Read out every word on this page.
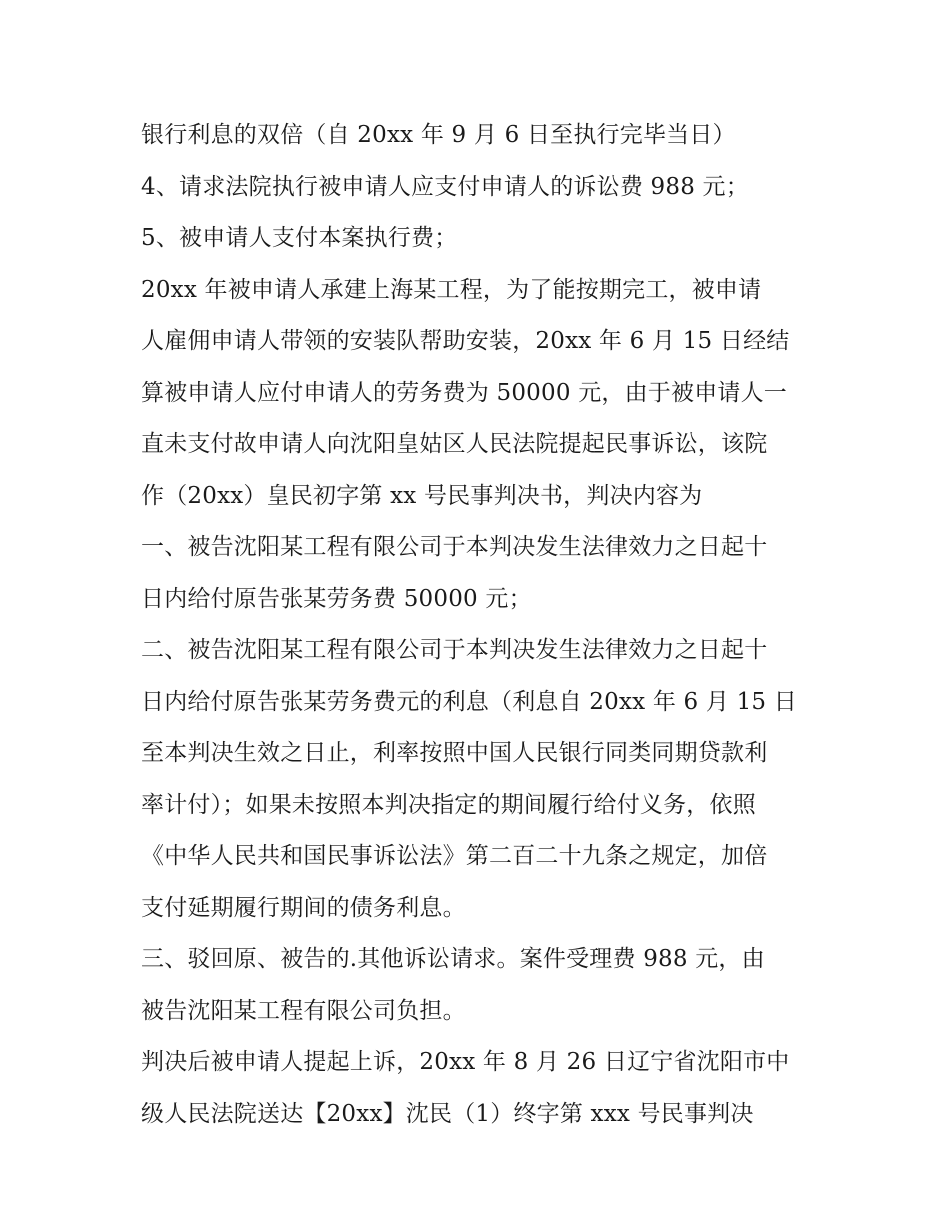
银行利息的双倍（自 20xx 年 9 月 6 日至执行完毕当日）
4、请求法院执行被申请人应支付申请人的诉讼费 988 元；
5、被申请人支付本案执行费；
20xx 年被申请人承建上海某工程，为了能按期完工，被申请
人雇佣申请人带领的安装队帮助安装，20xx 年 6 月 15 日经结
算被申请人应付申请人的劳务费为 50000 元，由于被申请人一
直未支付故申请人向沈阳皇姑区人民法院提起民事诉讼，该院
作（20xx）皇民初字第 xx 号民事判决书，判决内容为
一、被告沈阳某工程有限公司于本判决发生法律效力之日起十
日内给付原告张某劳务费 50000 元；
二、被告沈阳某工程有限公司于本判决发生法律效力之日起十
日内给付原告张某劳务费元的利息（利息自 20xx 年 6 月 15 日
至本判决生效之日止，利率按照中国人民银行同类同期贷款利
率计付）；如果未按照本判决指定的期间履行给付义务，依照
《中华人民共和国民事诉讼法》第二百二十九条之规定，加倍
支付延期履行期间的债务利息。
三、驳回原、被告的.其他诉讼请求。案件受理费 988 元，由
被告沈阳某工程有限公司负担。
判决后被申请人提起上诉，20xx 年 8 月 26 日辽宁省沈阳市中
级人民法院送达【20xx】沈民（1）终字第 xxx 号民事判决
